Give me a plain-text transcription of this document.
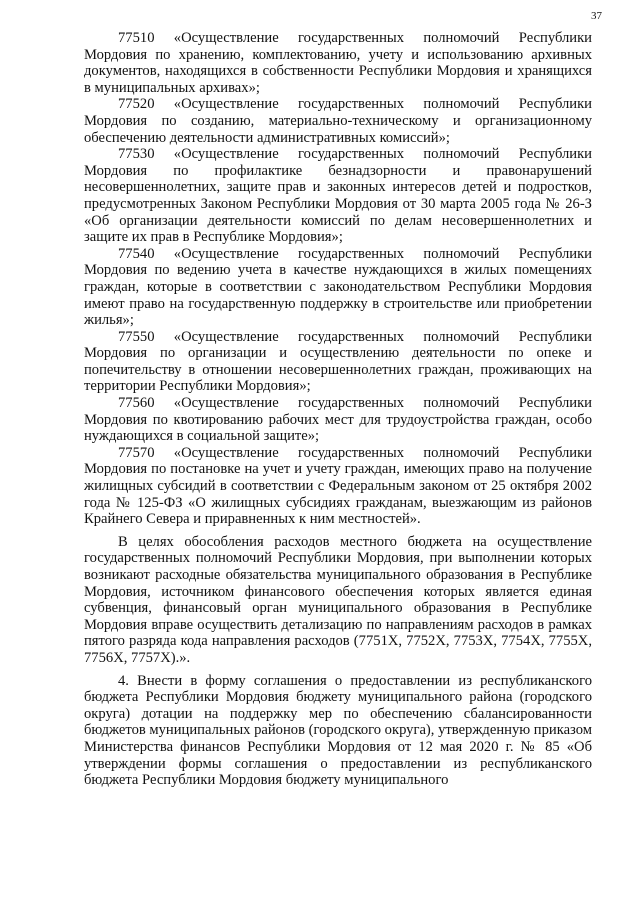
37

77510 «Осуществление государственных полномочий Республики Мордовия по хранению, комплектованию, учету и использованию архивных документов, находящихся в собственности Республики Мордовия и хранящихся в муниципальных архивах»;

77520 «Осуществление государственных полномочий Республики Мордовия по созданию, материально-техническому и организационному обеспечению деятельности административных комиссий»;

77530 «Осуществление государственных полномочий Республики Мордовия по профилактике безнадзорности и правонарушений несовершеннолетних, защите прав и законных интересов детей и подростков, предусмотренных Законом Республики Мордовия от 30 марта 2005 года № 26-З «Об организации деятельности комиссий по делам несовершеннолетних и защите их прав в Республике Мордовия»;

77540 «Осуществление государственных полномочий Республики Мордовия по ведению учета в качестве нуждающихся в жилых помещениях граждан, которые в соответствии с законодательством Республики Мордовия имеют право на государственную поддержку в строительстве или приобретении жилья»;

77550 «Осуществление государственных полномочий Республики Мордовия по организации и осуществлению деятельности по опеке и попечительству в отношении несовершеннолетних граждан, проживающих на территории Республики Мордовия»;

77560 «Осуществление государственных полномочий Республики Мордовия по квотированию рабочих мест для трудоустройства граждан, особо нуждающихся в социальной защите»;

77570 «Осуществление государственных полномочий Республики Мордовия по постановке на учет и учету граждан, имеющих право на получение жилищных субсидий в соответствии с Федеральным законом от 25 октября 2002 года № 125-ФЗ «О жилищных субсидиях гражданам, выезжающим из районов Крайнего Севера и приравненных к ним местностей».

В целях обособления расходов местного бюджета на осуществление государственных полномочий Республики Мордовия, при выполнении которых возникают расходные обязательства муниципального образования в Республике Мордовия, источником финансового обеспечения которых является единая субвенция, финансовый орган муниципального образования в Республике Мордовия вправе осуществить детализацию по направлениям расходов в рамках пятого разряда кода направления расходов (7751X, 7752X, 7753X, 7754X, 7755X, 7756X, 7757X).».

4. Внести в форму соглашения о предоставлении из республиканского бюджета Республики Мордовия бюджету муниципального района (городского округа) дотации на поддержку мер по обеспечению сбалансированности бюджетов муниципальных районов (городского округа), утвержденную приказом Министерства финансов Республики Мордовия от 12 мая 2020 г. № 85 «Об утверждении формы соглашения о предоставлении из республиканского бюджета Республики Мордовия бюджету муниципального
